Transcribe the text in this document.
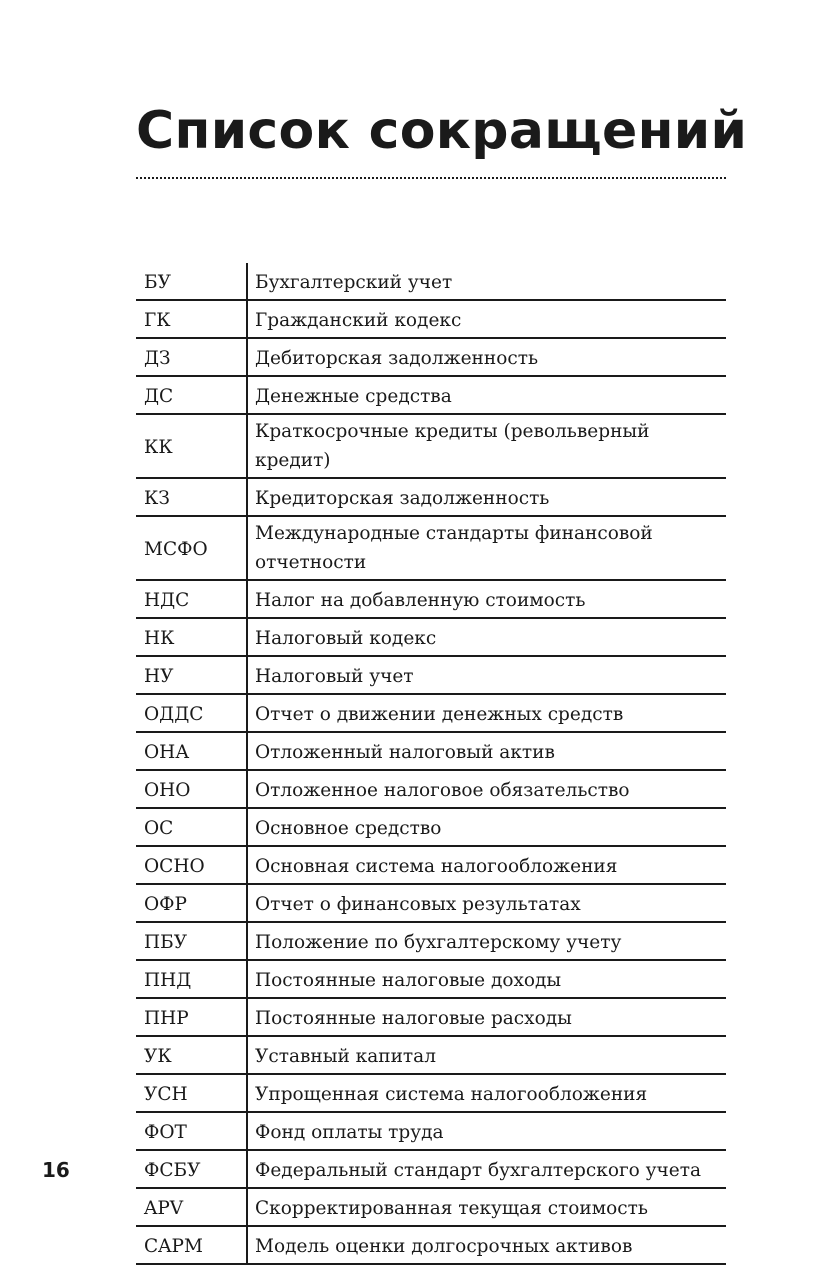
Список сокращений
БУ	Бухгалтерский учет
ГК	Гражданский кодекс
ДЗ	Дебиторская задолженность
ДС	Денежные средства
КК	Краткосрочные кредиты (револьверный кредит)
КЗ	Кредиторская задолженность
МСФО	Международные стандарты финансовой отчетности
НДС	Налог на добавленную стоимость
НК	Налоговый кодекс
НУ	Налоговый учет
ОДДС	Отчет о движении денежных средств
ОНА	Отложенный налоговый актив
ОНО	Отложенное налоговое обязательство
ОС	Основное средство
ОСНО	Основная система налогообложения
ОФР	Отчет о финансовых результатах
ПБУ	Положение по бухгалтерскому учету
ПНД	Постоянные налоговые доходы
ПНР	Постоянные налоговые расходы
УК	Уставный капитал
УСН	Упрощенная система налогообложения
ФОТ	Фонд оплаты труда
ФСБУ	Федеральный стандарт бухгалтерского учета
APV	Скорректированная текущая стоимость
CAPM	Модель оценки долгосрочных активов
16
